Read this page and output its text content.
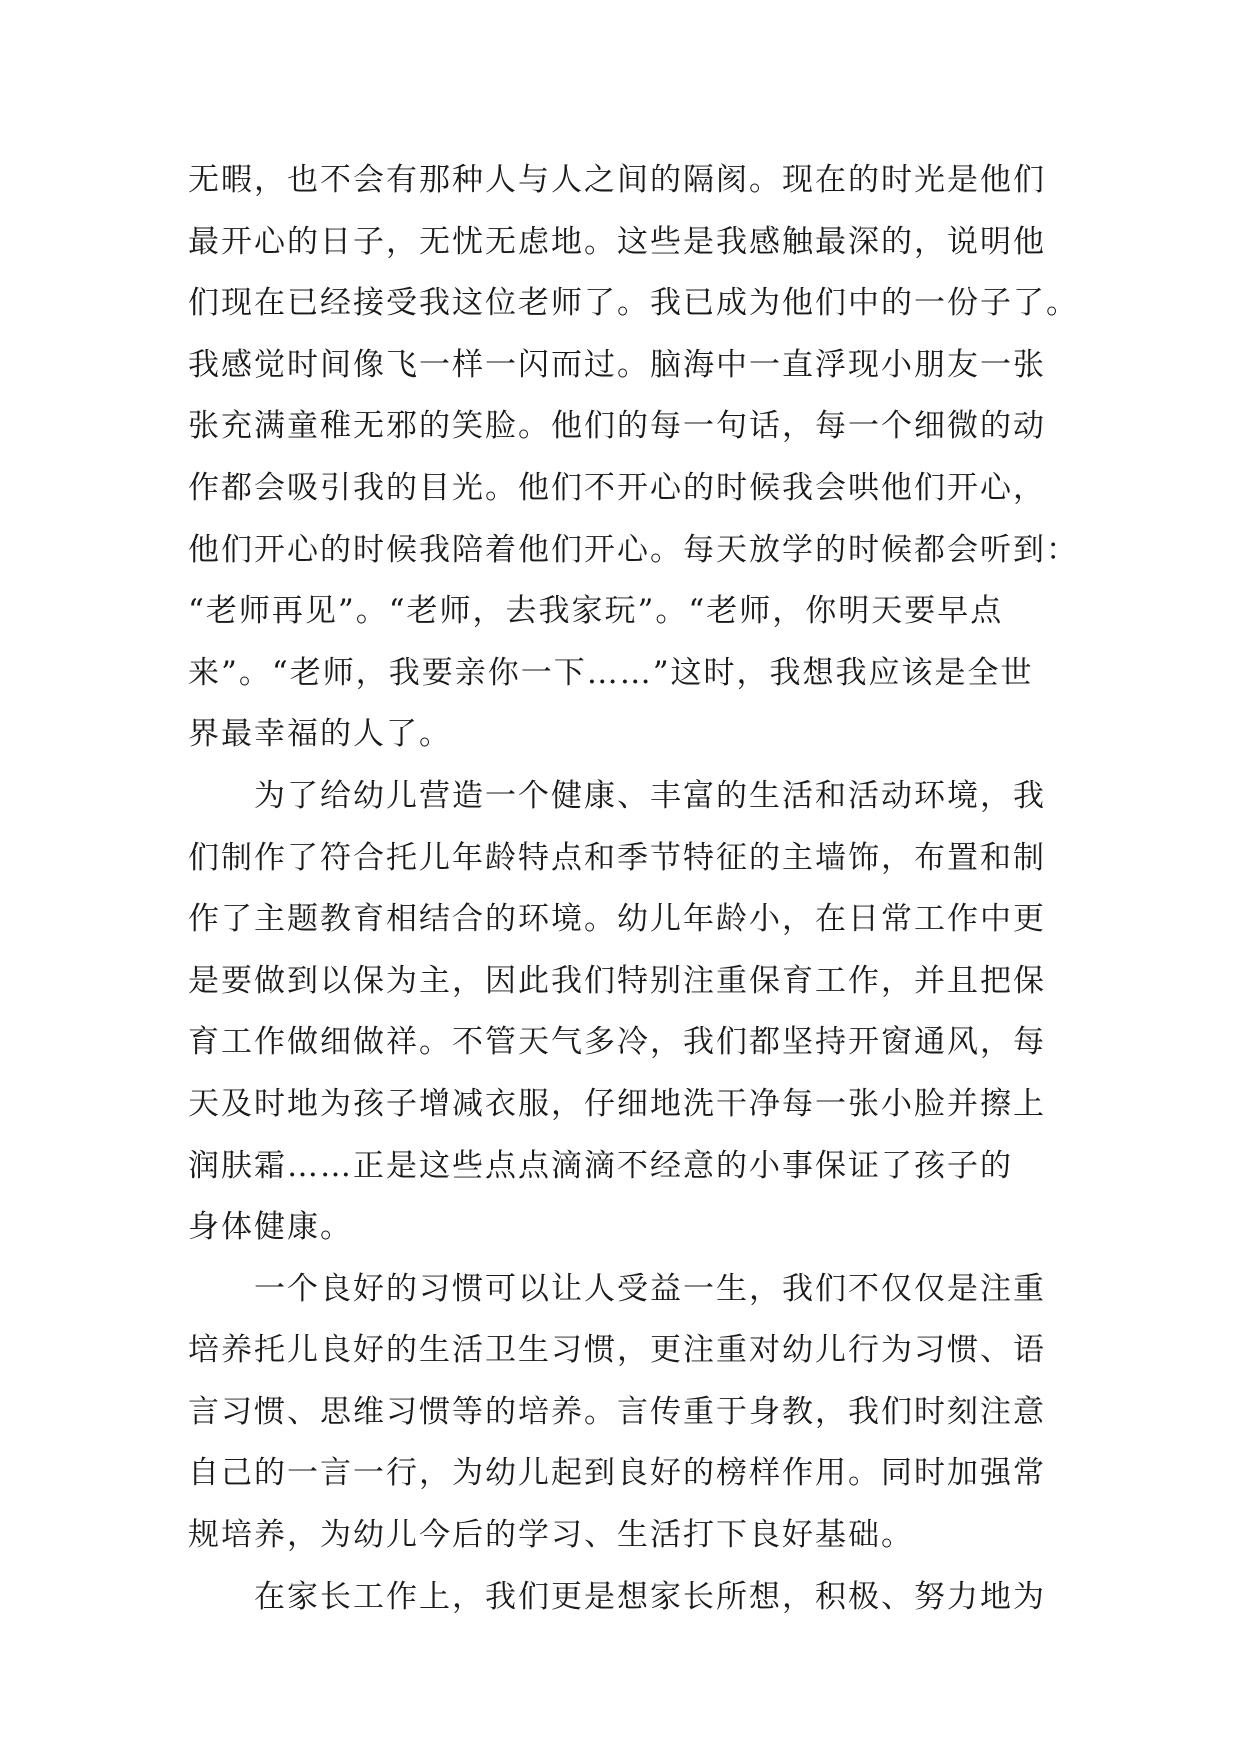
无暇，也不会有那种人与人之间的隔阂。现在的时光是他们
最开心的日子，无忧无虑地。这些是我感触最深的，说明他
们现在已经接受我这位老师了。我已成为他们中的一份子了。
我感觉时间像飞一样一闪而过。脑海中一直浮现小朋友一张
张充满童稚无邪的笑脸。他们的每一句话，每一个细微的动
作都会吸引我的目光。他们不开心的时候我会哄他们开心，
他们开心的时候我陪着他们开心。每天放学的时候都会听到：
“老师再见”。“老师，去我家玩”。“老师，你明天要早点
来”。“老师，我要亲你一下……”这时，我想我应该是全世
界最幸福的人了。
为了给幼儿营造一个健康、丰富的生活和活动环境，我
们制作了符合托儿年龄特点和季节特征的主墙饰，布置和制
作了主题教育相结合的环境。幼儿年龄小，在日常工作中更
是要做到以保为主，因此我们特别注重保育工作，并且把保
育工作做细做祥。不管天气多冷，我们都坚持开窗通风，每
天及时地为孩子增减衣服，仔细地洗干净每一张小脸并擦上
润肤霜……正是这些点点滴滴不经意的小事保证了孩子的
身体健康。
一个良好的习惯可以让人受益一生，我们不仅仅是注重
培养托儿良好的生活卫生习惯，更注重对幼儿行为习惯、语
言习惯、思维习惯等的培养。言传重于身教，我们时刻注意
自己的一言一行，为幼儿起到良好的榜样作用。同时加强常
规培养，为幼儿今后的学习、生活打下良好基础。
在家长工作上，我们更是想家长所想，积极、努力地为
